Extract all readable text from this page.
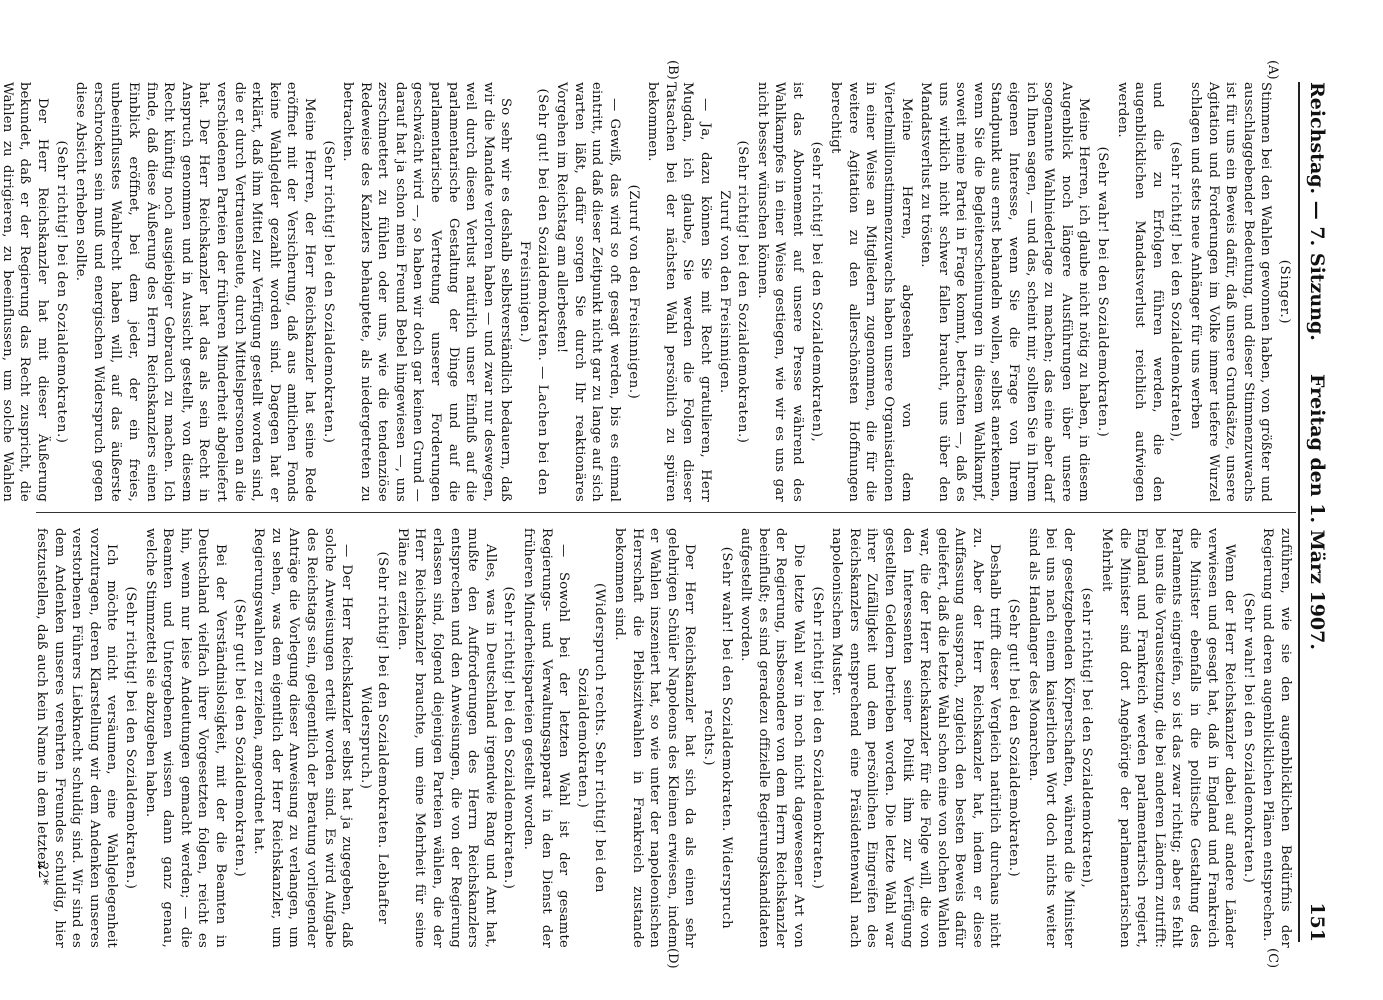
Reichstag. — 7. Sitzung.
Freitag den 1. März 1907.
151
(A)
(B)
(C)
(D)

(Singer.)

Stimmen bei den Wahlen gewonnen haben, von größter und ausschlaggebender Bedeutung, und dieser Stimmenzuwachs ist für uns ein Beweis dafür, daß unsere Grundsätze, unsere Agitation und Forderungen im Volke immer tiefere Wurzel schlagen und stets neue Anhänger für uns werben

(sehr richtig! bei den Sozialdemokraten),

und die zu Erfolgen führen werden, die den augenblicklichen Mandatsverlust reichlich aufwiegen werden.

(Sehr wahr! bei den Sozialdemokraten.)

Meine Herren, ich glaube nicht nötig zu haben, in diesem Augenblick noch längere Ausführungen über unsere sogenannte Wahlniederlage zu machen; das eine aber darf ich Ihnen sagen, — und das, scheint mir, sollten Sie in Ihrem eigenen Interesse, wenn Sie die Frage von Ihrem Standpunkt aus ernst behandeln wollen, selbst anerkennen, wenn Sie die Begleiterscheinungen in diesem Wahlkampf, soweit meine Partei in Frage kommt, betrachten —, daß es uns wirklich nicht schwer fallen braucht, uns über den Mandatsverlust zu trösten.

Meine Herren, abgesehen von dem Viertelmillionstimmenzuwachs haben unsere Organisationen in einer Weise an Mitgliedern zugenommen, die für die weitere Agitation zu den allerschönsten Hoffnungen berechtigt

(sehr richtig! bei den Sozialdemokraten),

ist das Abonnement auf unsere Presse während des Wahlkampfes in einer Weise gestiegen, wie wir es uns gar nicht besser wünschen können.

(Sehr richtig! bei den Sozialdemokraten.)

Zuruf von den Freisinnigen.

— Ja, dazu können Sie mit Recht gratulieren, Herr Mugdan, ich glaube, Sie werden die Folgen dieser Tatsachen bei der nächsten Wahl persönlich zu spüren bekommen.

(Zuruf von den Freisinnigen.)

— Gewiß, das wird so oft gesagt werden, bis es einmal eintritt, und daß dieser Zeitpunkt nicht gar zu lange auf sich warten läßt, dafür sorgen Sie durch Ihr reaktionäres Vorgehen im Reichstag am allerbesten!

(Sehr gut! bei den Sozialdemokraten. — Lachen bei den Freisinnigen.)

So sehr wir es deshalb selbstverständlich bedauern, daß wir die Mandate verloren haben — und zwar nur deswegen, weil durch diesen Verlust natürlich unser Einfluß auf die parlamentarische Gestaltung der Dinge und auf die parlamentarische Vertretung unserer Forderungen geschwächt wird —, so haben wir doch gar keinen Grund — darauf hat ja schon mein Freund Bebel hingewiesen —, uns zerschmettert zu fühlen oder uns, wie die tendenziöse Redeweise des Kanzlers behauptete, als niedergetreten zu betrachten.

(Sehr richtig! bei den Sozialdemokraten.)

Meine Herren, der Herr Reichskanzler hat seine Rede eröffnet mit der Versicherung, daß aus amtlichen Fonds keine Wahlgelder gezahlt worden sind. Dagegen hat er erklärt, daß ihm Mittel zur Verfügung gestellt worden sind, die er durch Vertrauensleute, durch Mittelspersonen an die verschiedenen Parteien der früheren Minderheit abgeliefert hat. Der Herr Reichskanzler hat das als sein Recht in Anspruch genommen und in Aussicht gestellt, von diesem Recht künftig noch ausgiebiger Gebrauch zu machen. Ich finde, daß diese Äußerung des Herrn Reichskanzlers einen Einblick eröffnet, bei dem jeder, der ein freies, unbeeinflusstes Wahlrecht haben will, auf das äußerste erschrocken sein muß und energischen Widerspruch gegen diese Absicht erheben sollte.

(Sehr richtig! bei den Sozialdemokraten.)

Der Herr Reichskanzler hat mit dieser Äußerung bekundet, daß er der Regierung das Recht zuspricht, die Wahlen zu dirigieren, zu beeinflussen, um solche Wahlen

zuführen, wie sie den augenblicklichen Bedürfnis der Regierung und deren augenblicklichen Plänen entsprechen.

(Sehr wahr! bei den Sozialdemokraten.)

Wenn der Herr Reichskanzler dabei auf andere Länder verwiesen und gesagt hat, daß in England und Frankreich die Minister ebenfalls in die politische Gestaltung des Parlaments eingreifen, so ist das zwar richtig; aber es fehlt bei uns die Voraussetzung, die bei anderen Ländern zutrifft: England und Frankreich werden parlamentarisch regiert, die Minister sind dort Angehörige der parlamentarischen Mehrheit

(sehr richtig! bei den Sozialdemokraten),

der gesetzgebenden Körperschaften, während die Minister bei uns nach einem kaiserlichen Wort doch nichts weiter sind als Handlanger des Monarchen.

(Sehr gut! bei den Sozialdemokraten.)

Deshalb trifft dieser Vergleich natürlich durchaus nicht zu. Aber der Herr Reichskanzler hat, indem er diese Auffassung aussprach, zugleich den besten Beweis dafür geliefert, daß die letzte Wahl schon eine von solchen Wahlen war, die der Herr Reichskanzler für die Folge will, die von den Interessenten seiner Politik ihm zur Verfügung gestellten Geldern betrieben worden. Die letzte Wahl war ihrer Zufälligkeit und dem persönlichen Eingreifen des Reichskanzlers entsprechend eine Präsidentenwahl nach napoleonischem Muster.

(Sehr richtig! bei den Sozialdemokraten.)

Die letzte Wahl war in noch nicht dagewesener Art von der Regierung, insbesondere von dem Herrn Reichskanzler beeinflußt; es sind geradezu offizielle Regierungskandidaten aufgestellt worden.

(Sehr wahr! bei den Sozialdemokraten. Widerspruch rechts.)

Der Herr Reichskanzler hat sich da als einen sehr gelehrigen Schüler Napoleons des Kleinen erwiesen, indem er Wahlen inszeniert hat, so wie unter der napoleonischen Herrschaft die Plebiszitwahlen in Frankreich zustande bekommen sind.

(Widerspruch rechts. Sehr richtig! bei den Sozialdemokraten.)

— Sowohl bei der letzten Wahl ist der gesamte Regierungs- und Verwaltungsapparat in den Dienst der früheren Minderheitsparteien gestellt worden.

(Sehr richtig! bei den Sozialdemokraten.)

Alles, was in Deutschland irgendwie Rang und Amt hat, mußte den Aufforderungen des Herrn Reichskanzlers entsprechen und den Anweisungen, die von der Regierung erlassen sind, folgend diejenigen Parteien wählen, die der Herr Reichskanzler brauchte, um eine Mehrheit für seine Pläne zu erzielen.

(Sehr richtig! bei den Sozialdemokraten. Lebhafter Widerspruch.)

— Der Herr Reichskanzler selbst hat ja zugegeben, daß solche Anweisungen erteilt worden sind. Es wird Aufgabe des Reichstags sein, gelegentlich der Beratung vorliegender Anträge die Vorlegung dieser Anweisung zu verlangen, um zu sehen, was dem eigentlich der Herr Reichskanzler, um Regierungswahlen zu erzielen, angeordnet hat.

(Sehr gut! bei den Sozialdemokraten.)

Bei der Verständnislosigkeit, mit der die Beamten in Deutschland vielfach ihrer Vorgesetzten folgen, reicht es hin, wenn nur leise Andeutungen gemacht werden; — die Beamten und Untergebenen wissen dann ganz genau, welche Stimmzettel sie abzugeben haben.

(Sehr richtig! bei den Sozialdemokraten.)

Ich möchte nicht versäumen, eine Wahlgelegenheit vorzutragen, deren Klarstellung wir dem Andenken unseres verstorbenen Führers Liebknecht schuldig sind. Wir sind es dem Andenken unseres verehrten Freundes schuldig, hier festzustellen, daß auch kein Name in dem letzten

22*
